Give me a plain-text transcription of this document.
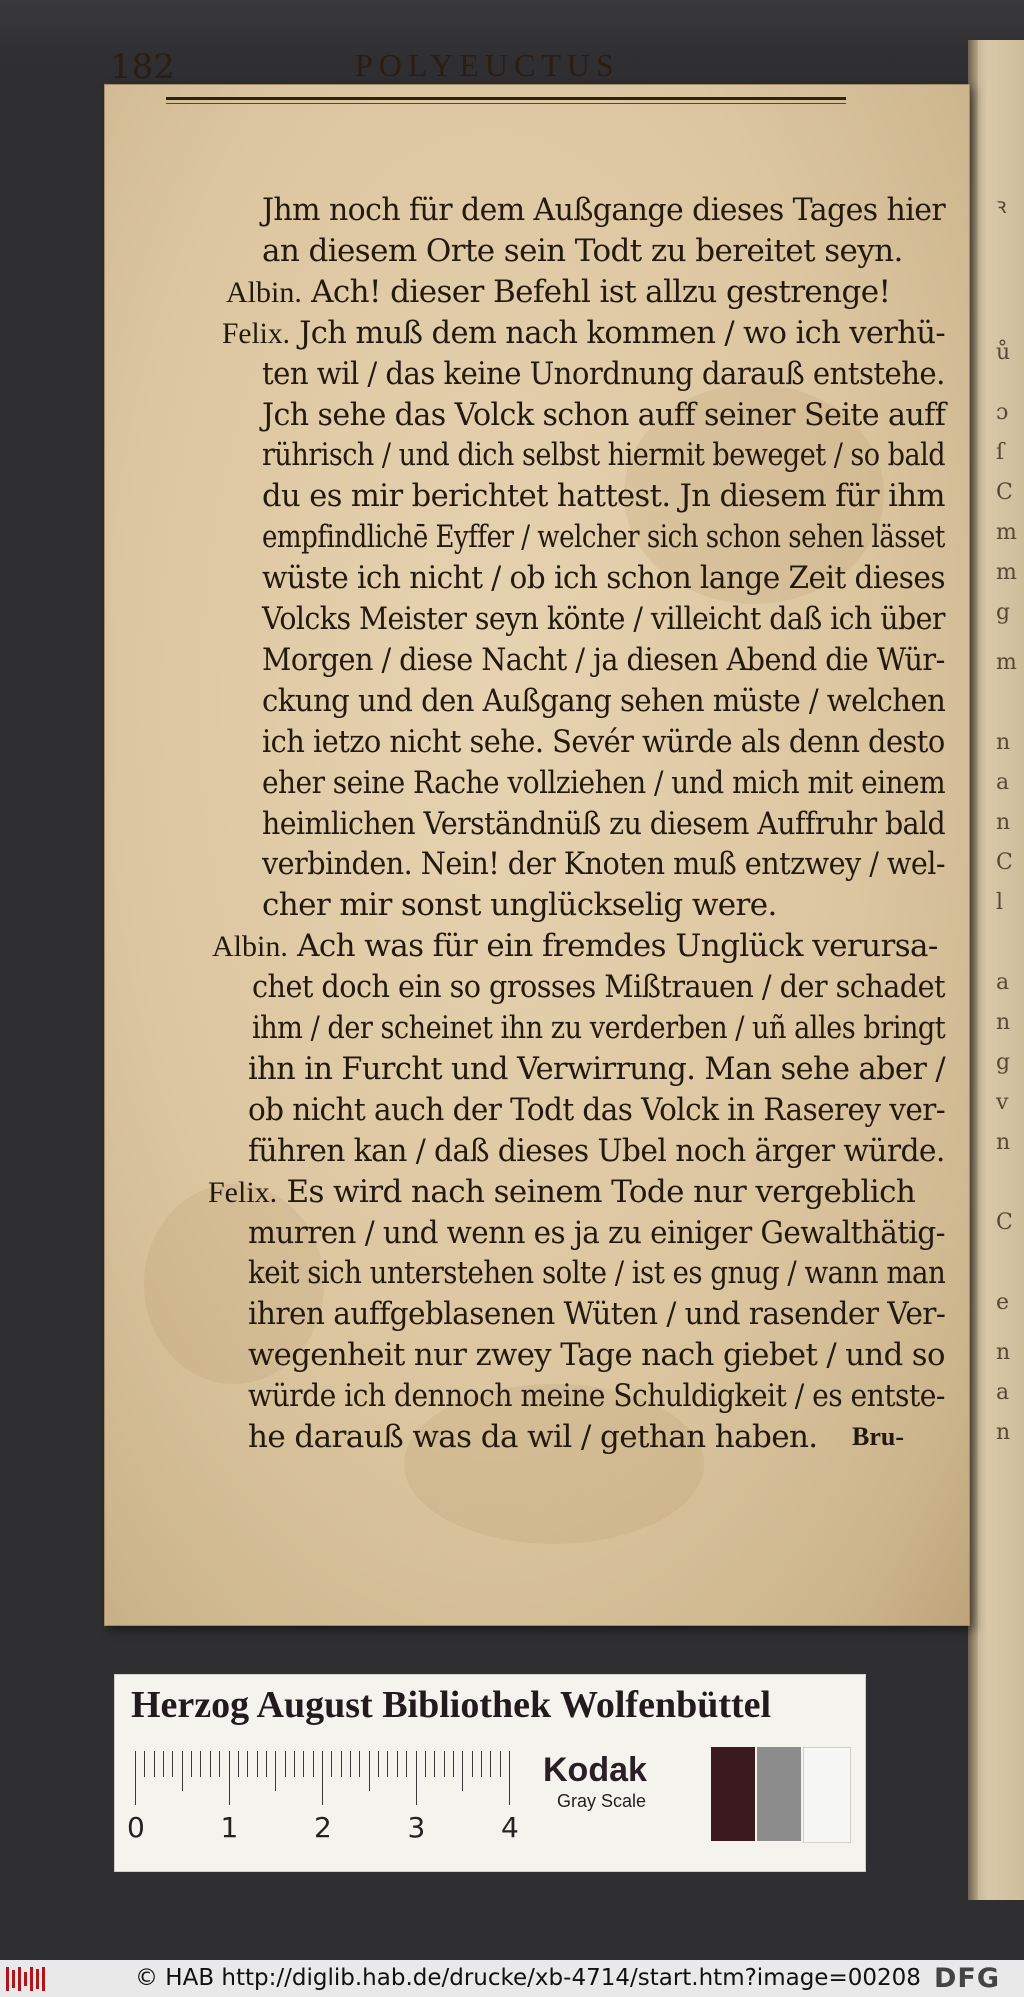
ꝛ
ů
ɔ
ſ
C
m
m
g
m
n
a
n
C
l
a
n
g
v
n
C
e
n
a
n
182	POLYEUCTUS
Jhm noch für dem Außgange dieses Tages hier
an diesem Orte sein Todt zu bereitet seyn.
Albin. Ach! dieser Befehl ist allzu gestrenge!
Felix. Jch muß dem nach kommen / wo ich verhü-
ten wil / das keine Unordnung darauß entstehe.
Jch sehe das Volck schon auff seiner Seite auff
rührisch / und dich selbst hiermit beweget / so bald
du es mir berichtet hattest. Jn diesem für ihm
empfindlichē Eyffer / welcher sich schon sehen lässet
wüste ich nicht / ob ich schon lange Zeit dieses
Volcks Meister seyn könte / villeicht daß ich über
Morgen / diese Nacht / ja diesen Abend die Wür-
ckung und den Außgang sehen müste / welchen
ich ietzo nicht sehe. Sevér würde als denn desto
eher seine Rache vollziehen / und mich mit einem
heimlichen Verständnüß zu diesem Auffruhr bald
verbinden. Nein! der Knoten muß entzwey / wel-
cher mir sonst unglückselig were.
Albin. Ach was für ein fremdes Unglück verursa-
chet doch ein so grosses Mißtrauen / der schadet
ihm / der scheinet ihn zu verderben / uñ alles bringt
ihn in Furcht und Verwirrung. Man sehe aber /
ob nicht auch der Todt das Volck in Raserey ver-
führen kan / daß dieses Ubel noch ärger würde.
Felix. Es wird nach seinem Tode nur vergeblich
murren / und wenn es ja zu einiger Gewalthätig-
keit sich unterstehen solte / ist es gnug / wann man
ihren auffgeblasenen Wüten / und rasender Ver-
wegenheit nur zwey Tage nach giebet / und so
würde ich dennoch meine Schuldigkeit / es entste-
he darauß was da wil / gethan haben. Bru-
Herzog August Bibliothek Wolfenbüttel
Kodak
Gray Scale
0	1	2	3	4
© HAB http://diglib.hab.de/drucke/xb-4714/start.htm?image=00208 DFG
